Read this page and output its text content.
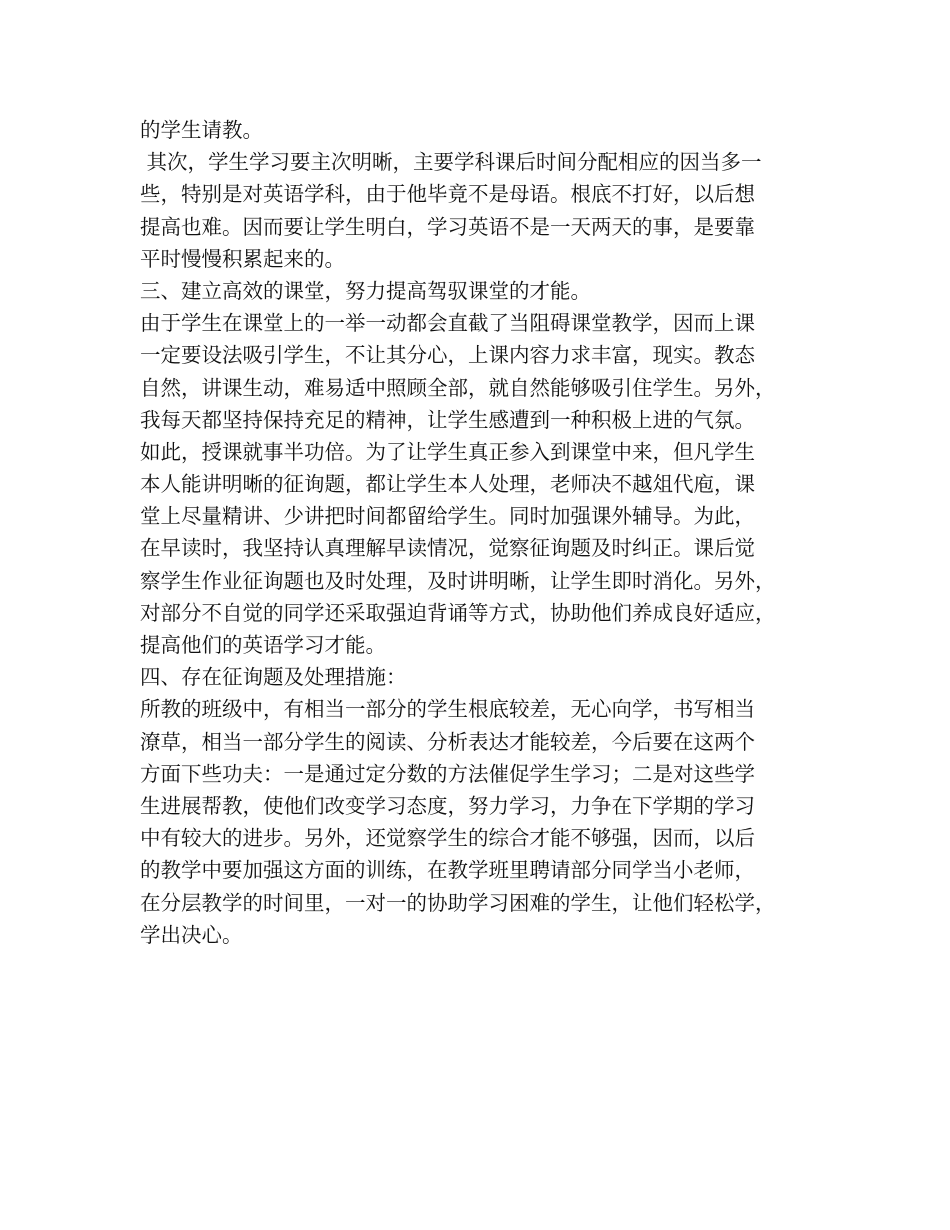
的学生请教。
其次，学生学习要主次明晰，主要学科课后时间分配相应的因当多一
些，特别是对英语学科，由于他毕竟不是母语。根底不打好，以后想
提高也难。因而要让学生明白，学习英语不是一天两天的事，是要靠
平时慢慢积累起来的。
三、建立高效的课堂，努力提高驾驭课堂的才能。
由于学生在课堂上的一举一动都会直截了当阻碍课堂教学，因而上课
一定要设法吸引学生，不让其分心，上课内容力求丰富，现实。教态
自然，讲课生动，难易适中照顾全部，就自然能够吸引住学生。另外，
我每天都坚持保持充足的精神，让学生感遭到一种积极上进的气氛。
如此，授课就事半功倍。为了让学生真正参入到课堂中来，但凡学生
本人能讲明晰的征询题，都让学生本人处理，老师决不越俎代庖，课
堂上尽量精讲、少讲把时间都留给学生。同时加强课外辅导。为此，
在早读时，我坚持认真理解早读情况，觉察征询题及时纠正。课后觉
察学生作业征询题也及时处理，及时讲明晰，让学生即时消化。另外，
对部分不自觉的同学还采取强迫背诵等方式，协助他们养成良好适应，
提高他们的英语学习才能。
四、存在征询题及处理措施：
所教的班级中，有相当一部分的学生根底较差，无心向学，书写相当
潦草，相当一部分学生的阅读、分析表达才能较差，今后要在这两个
方面下些功夫：一是通过定分数的方法催促学生学习；二是对这些学
生进展帮教，使他们改变学习态度，努力学习，力争在下学期的学习
中有较大的进步。另外，还觉察学生的综合才能不够强，因而，以后
的教学中要加强这方面的训练，在教学班里聘请部分同学当小老师，
在分层教学的时间里，一对一的协助学习困难的学生，让他们轻松学，
学出决心。
